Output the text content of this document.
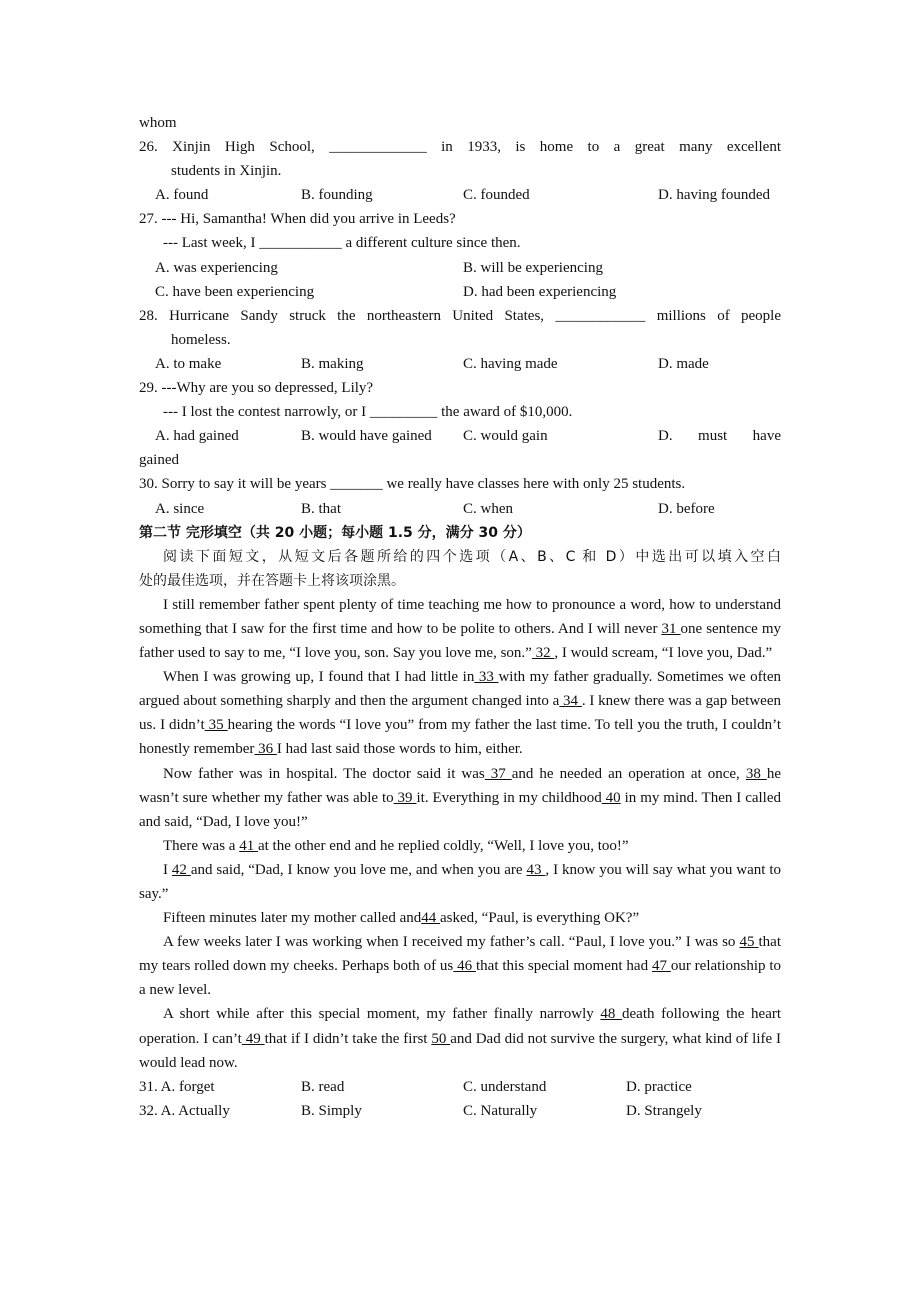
whom
26. Xinjin High School, _____________ in 1933, is home to a great many excellent
students in Xinjin.
A. found	B. founding	C. founded	D. having founded
27. --- Hi, Samantha! When did you arrive in Leeds?
--- Last week, I ___________ a different culture since then.
A. was experiencing	B. will be experiencing
C. have been experiencing	D. had been experiencing
28. Hurricane Sandy struck the northeastern United States, ____________ millions of people
homeless.
A. to make	B. making	C. having made	D. made
29. ---Why are you so depressed, Lily?
--- I lost the contest narrowly, or I _________ the award of $10,000.
A. had gained	B. would have gained C. would gain	D. must have
gained
30. Sorry to say it will be years _______ we really have classes here with only 25 students.
A. since	B. that	C. when	D. before
第二节 完形填空（共 20 小题；每小题 1.5 分，满分 30 分）
阅读下面短文，从短文后各题所给的四个选项（A、B、C 和 D）中选出可以填入空白
处的最佳选项，并在答题卡上将该项涂黑。

I still remember father spent plenty of time teaching me how to pronounce a word, how to understand something that I saw for the first time and how to be polite to others. And I will never 31 one sentence my father used to say to me, “I love you, son. Say you love me, son.” 32 , I would scream, “I love you, Dad.”

When I was growing up, I found that I had little in 33 with my father gradually. Sometimes we often argued about something sharply and then the argument changed into a 34 . I knew there was a gap between us. I didn’t 35 hearing the words “I love you” from my father the last time. To tell you the truth, I couldn’t honestly remember 36 I had last said those words to him, either.

Now father was in hospital. The doctor said it was 37 and he needed an operation at once, 38 he wasn’t sure whether my father was able to 39 it. Everything in my childhood 40 in my mind. Then I called and said, “Dad, I love you!”

There was a 41 at the other end and he replied coldly, “Well, I love you, too!”

I 42 and said, “Dad, I know you love me, and when you are 43 , I know you will say what you want to say.”

Fifteen minutes later my mother called and44 asked, “Paul, is everything OK?”

A few weeks later I was working when I received my father’s call. “Paul, I love you.” I was so 45 that my tears rolled down my cheeks. Perhaps both of us 46 that this special moment had 47 our relationship to a new level.

A short while after this special moment, my father finally narrowly 48 death following the heart operation. I can’t 49 that if I didn’t take the first 50 and Dad did not survive the surgery, what kind of life I would lead now.

31. A. forget	B. read	C. understand	D. practice
32. A. Actually	B. Simply	C. Naturally	D. Strangely
